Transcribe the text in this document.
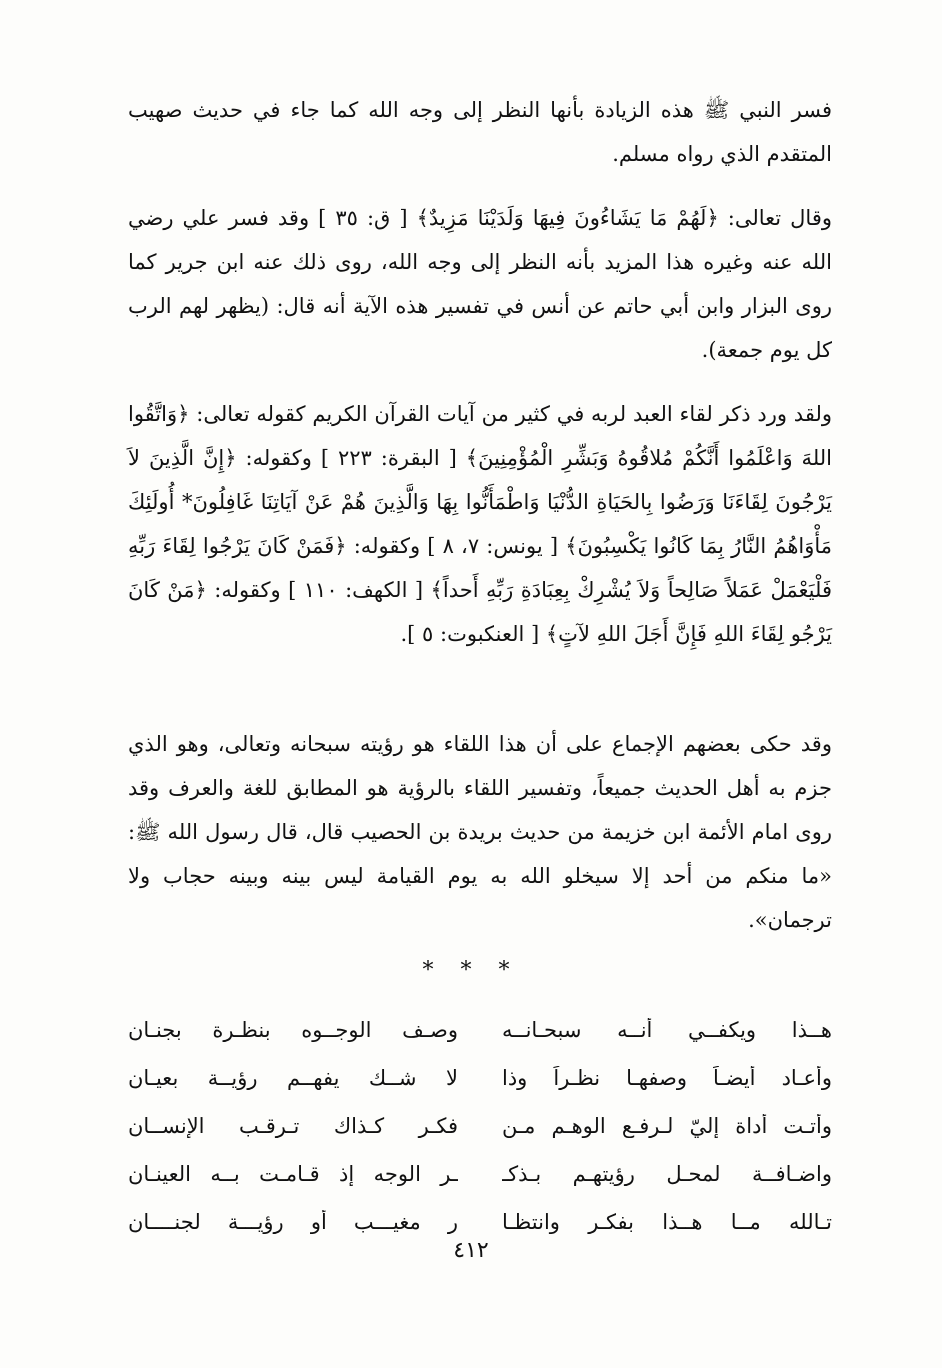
فسر النبي ﷺ هذه الزيادة بأنها النظر إلى وجه الله كما جاء في حديث صهيب المتقدم الذي رواه مسلم.

وقال تعالى: ﴿لَهُمْ مَا يَشَاءُونَ فِيهَا وَلَدَيْنَا مَزِيدٌ﴾ [ ق: ٣٥ ] وقد فسر علي رضي الله عنه وغيره هذا المزيد بأنه النظر إلى وجه الله، روى ذلك عنه ابن جرير كما روى البزار وابن أبي حاتم عن أنس في تفسير هذه الآية أنه قال: (يظهر لهم الرب كل يوم جمعة).

ولقد ورد ذكر لقاء العبد لربه في كثير من آيات القرآن الكريم كقوله تعالى: ﴿وَاتَّقُوا اللهَ وَاعْلَمُوا أَنَّكُمْ مُلاقُوهُ وَبَشِّرِ الْمُؤْمِنِينَ﴾ [ البقرة: ٢٢٣ ] وكقوله: ﴿إِنَّ الَّذِينَ لاَ يَرْجُونَ لِقَاءَنَا وَرَضُوا بِالحَيَاةِ الدُّنْيَا وَاطْمَأَنُّوا بِهَا وَالَّذِينَ هُمْ عَنْ آيَاتِنَا غَافِلُونَ* أُولَئِكَ مَأْوَاهُمُ النَّارُ بِمَا كَانُوا يَكْسِبُونَ﴾ [ يونس: ٧، ٨ ] وكقوله: ﴿فَمَنْ كَانَ يَرْجُوا لِقَاءَ رَبِّهِ فَلْيَعْمَلْ عَمَلاً صَالِحاً وَلاَ يُشْرِكْ بِعِبَادَةِ رَبِّهِ أَحداً﴾ [ الكهف: ١١٠ ] وكقوله: ﴿مَنْ كَانَ يَرْجُو لِقَاءَ اللهِ فَإِنَّ أَجَلَ اللهِ لآتٍ﴾ [ العنكبوت: ٥ ].

وقد حكى بعضهم الإجماع على أن هذا اللقاء هو رؤيته سبحانه وتعالى، وهو الذي جزم به أهل الحديث جميعاً، وتفسير اللقاء بالرؤية هو المطابق للغة والعرف وقد روى امام الأئمة ابن خزيمة من حديث بريدة بن الحصيب قال، قال رسول الله ﷺ: «ما منكم من أحد إلا سيخلو الله به يوم القيامة ليس بينه وبينه حجاب ولا ترجمان».

* * *
هــذا ويكفــي أنــه سبحـانــه
وصـف الوجــوه بنظـرة بجنـان
وأعـاد أيضـاً وصفهـا نظـراً وذا
لا شــك يفهــم رؤيــة بعيـان
وأتـت أداة إليّ لـرفـع الوهـم مـن
فكـر كـذاك تـرقـب الإنســان
واضـافــة لمحـل رؤيتهـم بـذكـ
ـر الوجه إذ قـامـت بــه العينـان
تـالله مــا هــذا بفكـر وانتظـا
ر مغيـــب أو رؤيـــة لجنــــان
٤١٢
